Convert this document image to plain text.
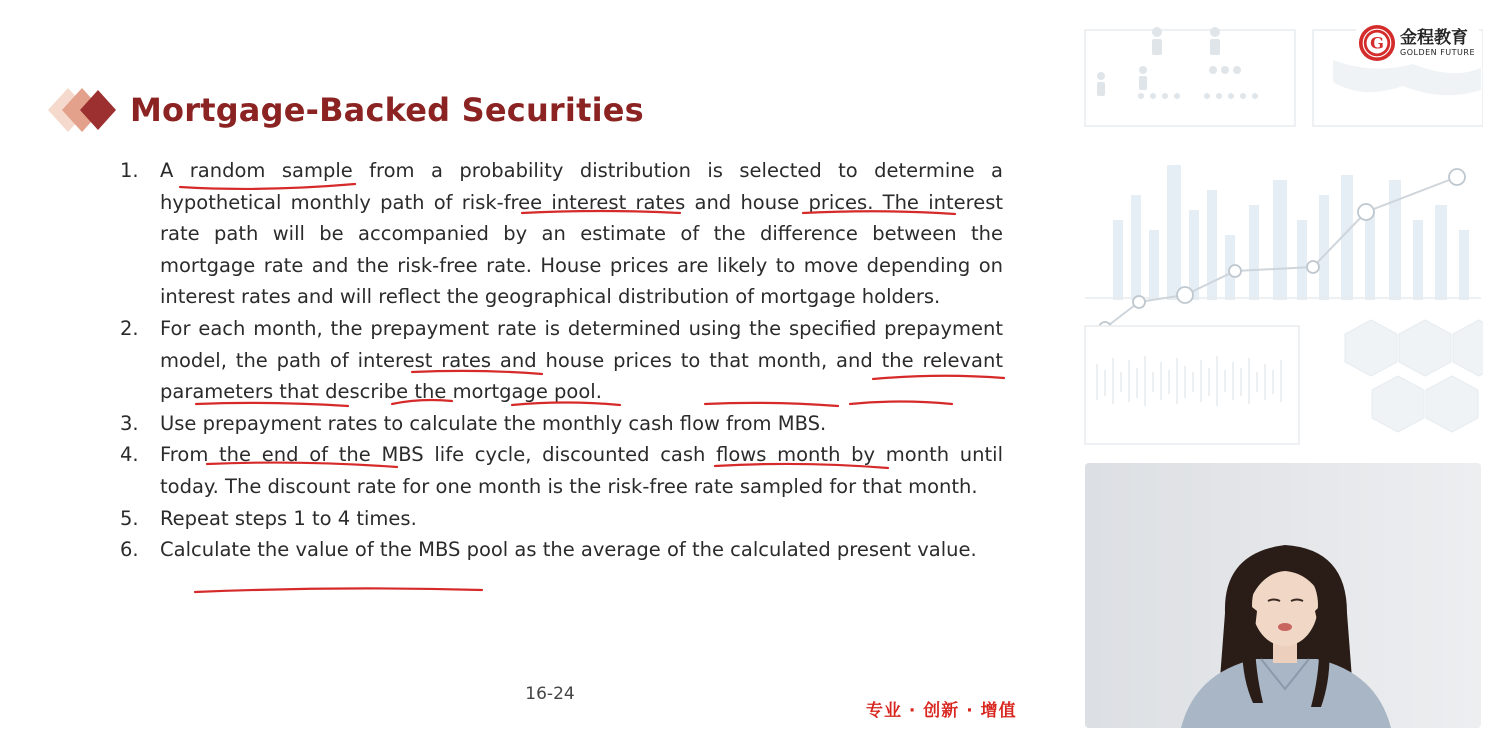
Mortgage-Backed Securities
1. A random sample from a probability distribution is selected to determine a hypothetical monthly path of risk-free interest rates and house prices. The interest rate path will be accompanied by an estimate of the difference between the mortgage rate and the risk-free rate. House prices are likely to move depending on interest rates and will reflect the geographical distribution of mortgage holders.
2. For each month, the prepayment rate is determined using the specified prepayment model, the path of interest rates and house prices to that month, and the relevant parameters that describe the mortgage pool.
3. Use prepayment rates to calculate the monthly cash flow from MBS.
4. From the end of the MBS life cycle, discounted cash flows month by month until today. The discount rate for one month is the risk-free rate sampled for that month.
5. Repeat steps 1 to 4 times.
6. Calculate the value of the MBS pool as the average of the calculated present value.
16-24
专业 · 创新 · 增值
G 金程教育
GOLDEN FUTURE
